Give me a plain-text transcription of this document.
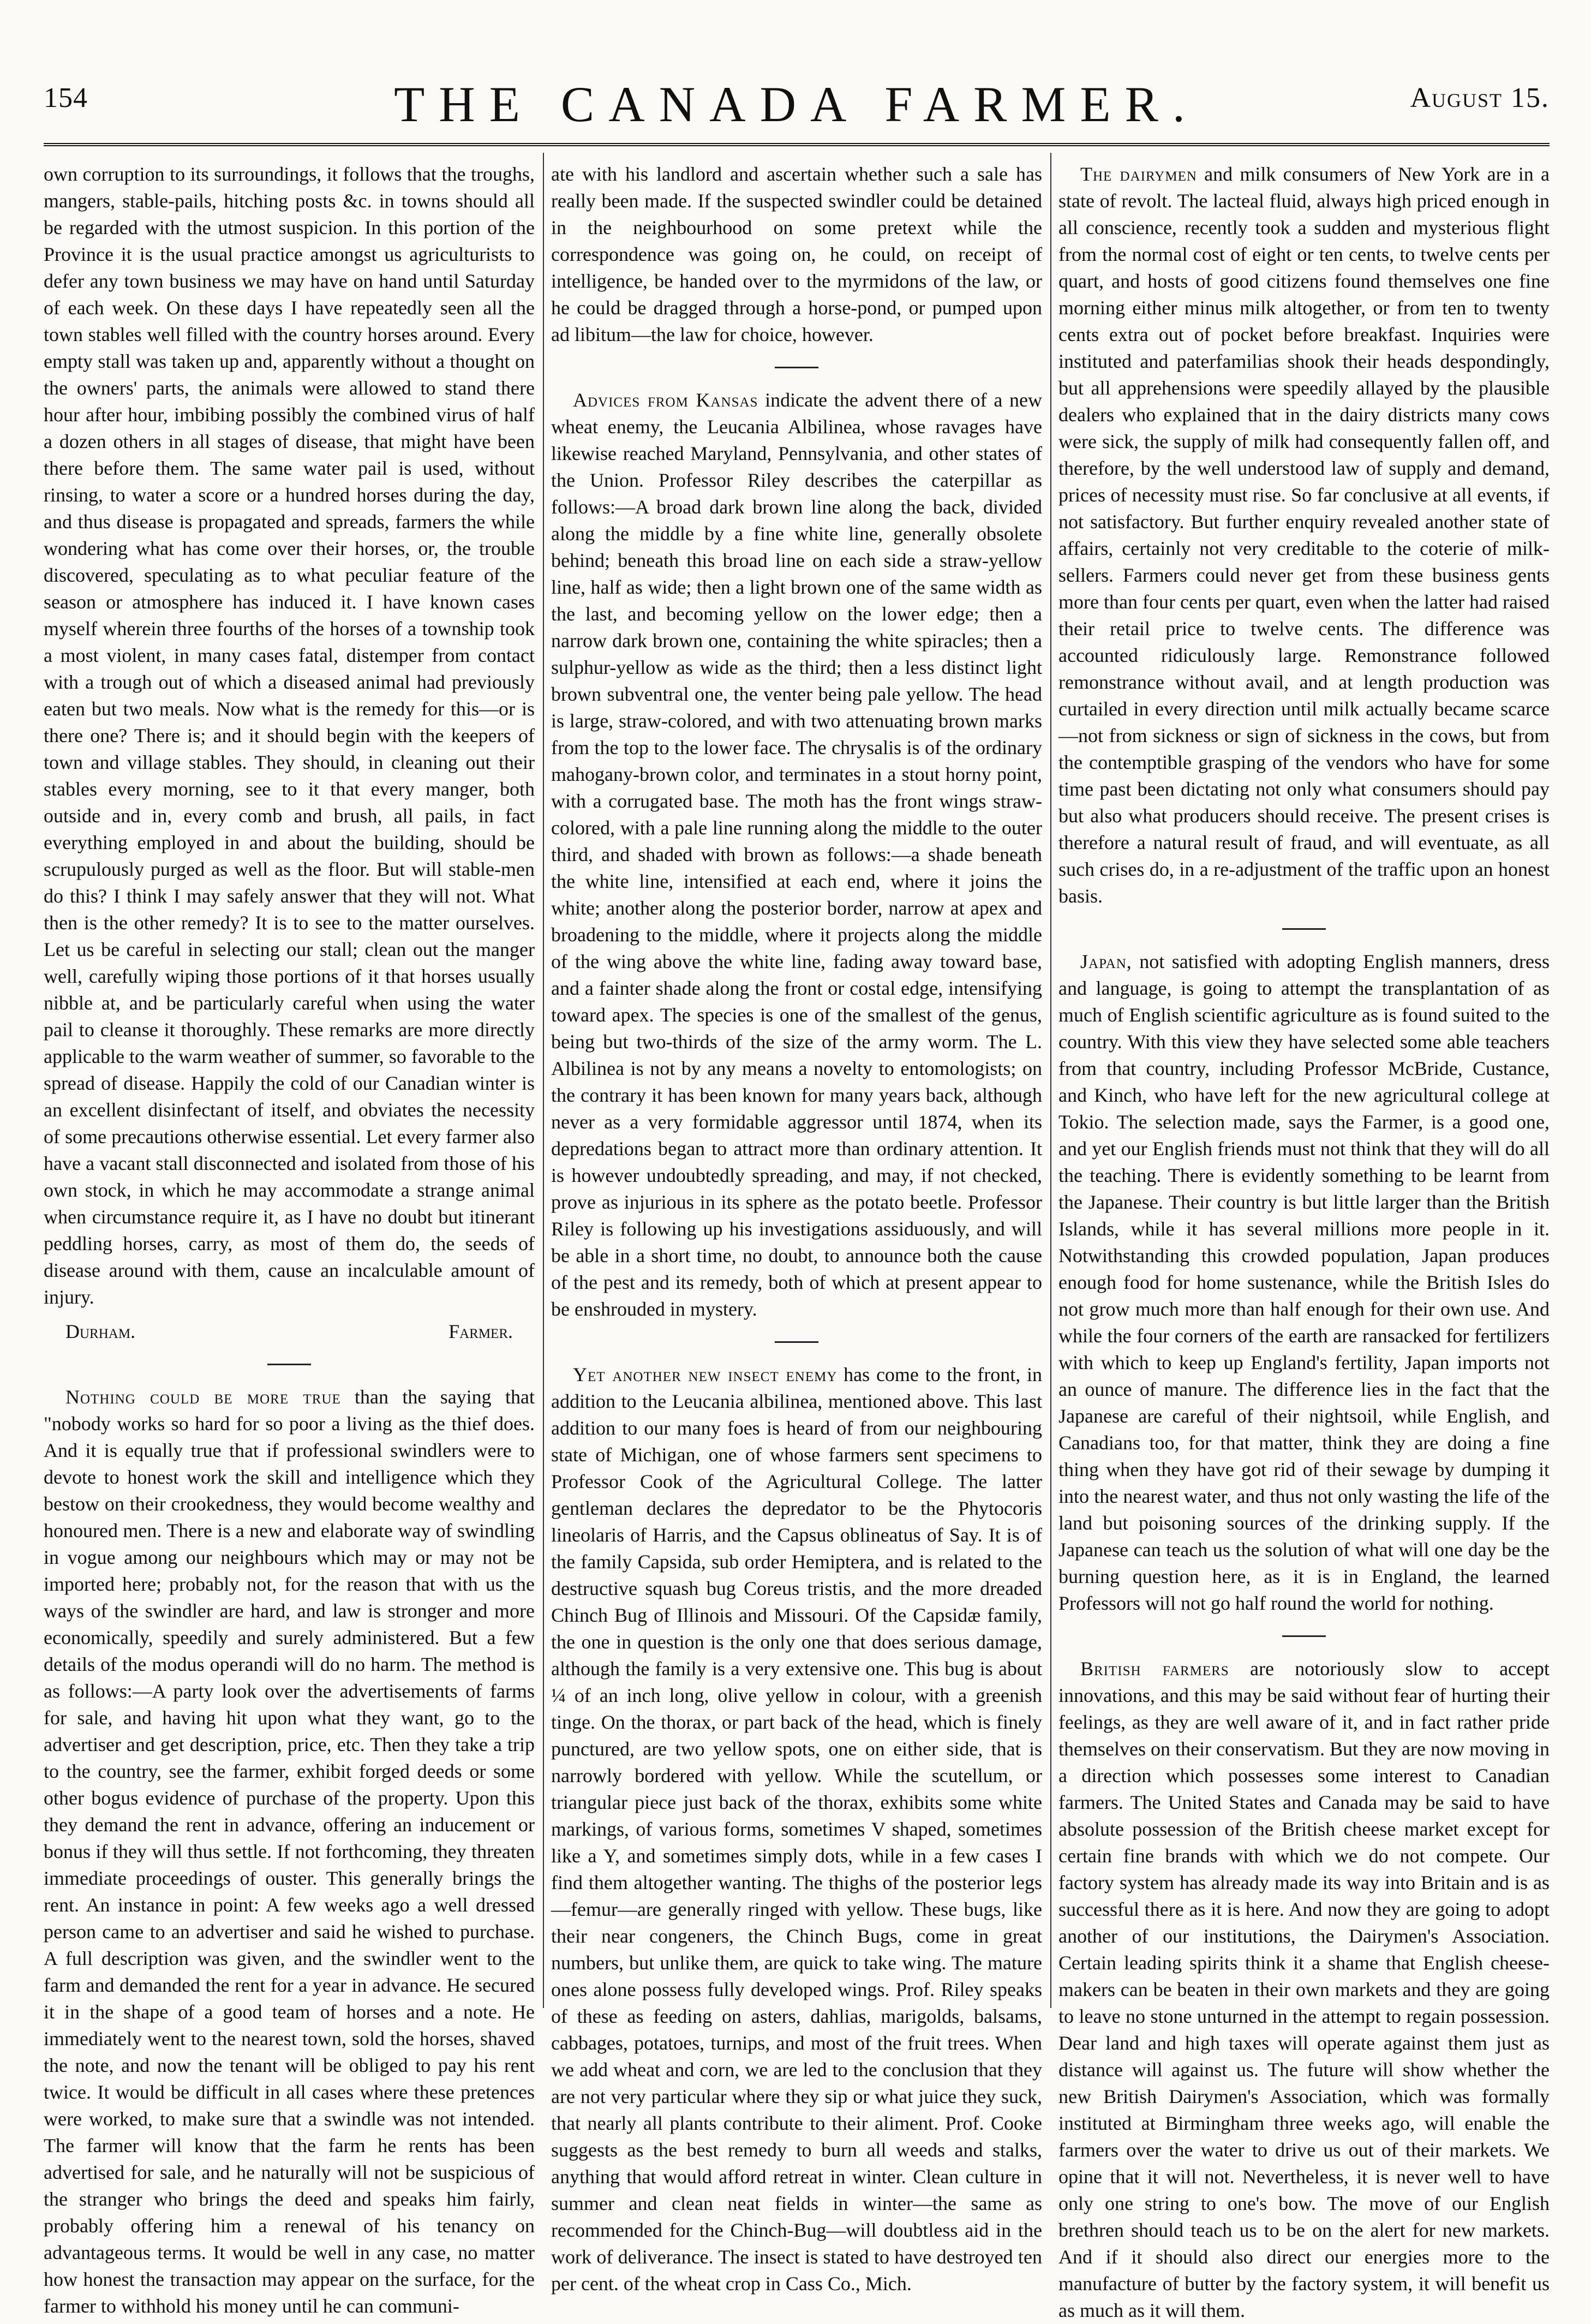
154	THE CANADA FARMER.	August 15.

own corruption to its surroundings, it follows that the troughs, mangers, stable-pails, hitching posts &c. in towns should all be regarded with the utmost suspicion. In this portion of the Province it is the usual practice amongst us agriculturists to defer any town business we may have on hand until Saturday of each week. On these days I have repeatedly seen all the town stables well filled with the country horses around. Every empty stall was taken up and, apparently without a thought on the owners' parts, the animals were allowed to stand there hour after hour, imbibing possibly the combined virus of half a dozen others in all stages of disease, that might have been there before them. The same water pail is used, without rinsing, to water a score or a hundred horses during the day, and thus disease is propagated and spreads, farmers the while wondering what has come over their horses, or, the trouble discovered, speculating as to what peculiar feature of the season or atmosphere has induced it. I have known cases myself wherein three fourths of the horses of a township took a most violent, in many cases fatal, distemper from contact with a trough out of which a diseased animal had previously eaten but two meals. Now what is the remedy for this—or is there one? There is; and it should begin with the keepers of town and village stables. They should, in cleaning out their stables every morning, see to it that every manger, both outside and in, every comb and brush, all pails, in fact everything employed in and about the building, should be scrupulously purged as well as the floor. But will stable-men do this? I think I may safely answer that they will not. What then is the other remedy? It is to see to the matter ourselves. Let us be careful in selecting our stall; clean out the manger well, carefully wiping those portions of it that horses usually nibble at, and be particularly careful when using the water pail to cleanse it thoroughly. These remarks are more directly applicable to the warm weather of summer, so favorable to the spread of disease. Happily the cold of our Canadian winter is an excellent disinfectant of itself, and obviates the necessity of some precautions otherwise essential. Let every farmer also have a vacant stall disconnected and isolated from those of his own stock, in which he may accommodate a strange animal when circumstance require it, as I have no doubt but itinerant peddling horses, carry, as most of them do, the seeds of disease around with them, cause an incalculable amount of injury.

Durham.	Farmer.

Nothing could be more true than the saying that "nobody works so hard for so poor a living as the thief does. And it is equally true that if professional swindlers were to devote to honest work the skill and intelligence which they bestow on their crookedness, they would become wealthy and honoured men. There is a new and elaborate way of swindling in vogue among our neighbours which may or may not be imported here; probably not, for the reason that with us the ways of the swindler are hard, and law is stronger and more economically, speedily and surely administered. But a few details of the modus operandi will do no harm. The method is as follows:—A party look over the advertisements of farms for sale, and having hit upon what they want, go to the advertiser and get description, price, etc. Then they take a trip to the country, see the farmer, exhibit forged deeds or some other bogus evidence of purchase of the property. Upon this they demand the rent in advance, offering an inducement or bonus if they will thus settle. If not forthcoming, they threaten immediate proceedings of ouster. This generally brings the rent. An instance in point: A few weeks ago a well dressed person came to an advertiser and said he wished to purchase. A full description was given, and the swindler went to the farm and demanded the rent for a year in advance. He secured it in the shape of a good team of horses and a note. He immediately went to the nearest town, sold the horses, shaved the note, and now the tenant will be obliged to pay his rent twice. It would be difficult in all cases where these pretences were worked, to make sure that a swindle was not intended. The farmer will know that the farm he rents has been advertised for sale, and he naturally will not be suspicious of the stranger who brings the deed and speaks him fairly, probably offering him a renewal of his tenancy on advantageous terms. It would be well in any case, no matter how honest the transaction may appear on the surface, for the farmer to withhold his money until he can communi-

ate with his landlord and ascertain whether such a sale has really been made. If the suspected swindler could be detained in the neighbourhood on some pretext while the correspondence was going on, he could, on receipt of intelligence, be handed over to the myrmidons of the law, or he could be dragged through a horse-pond, or pumped upon ad libitum—the law for choice, however.

Advices from Kansas indicate the advent there of a new wheat enemy, the Leucania Albilinea, whose ravages have likewise reached Maryland, Pennsylvania, and other states of the Union. Professor Riley describes the caterpillar as follows:—A broad dark brown line along the back, divided along the middle by a fine white line, generally obsolete behind; beneath this broad line on each side a straw-yellow line, half as wide; then a light brown one of the same width as the last, and becoming yellow on the lower edge; then a narrow dark brown one, containing the white spiracles; then a sulphur-yellow as wide as the third; then a less distinct light brown subventral one, the venter being pale yellow. The head is large, straw-colored, and with two attenuating brown marks from the top to the lower face. The chrysalis is of the ordinary mahogany-brown color, and terminates in a stout horny point, with a corrugated base. The moth has the front wings straw-colored, with a pale line running along the middle to the outer third, and shaded with brown as follows:—a shade beneath the white line, intensified at each end, where it joins the white; another along the posterior border, narrow at apex and broadening to the middle, where it projects along the middle of the wing above the white line, fading away toward base, and a fainter shade along the front or costal edge, intensifying toward apex. The species is one of the smallest of the genus, being but two-thirds of the size of the army worm. The L. Albilinea is not by any means a novelty to entomologists; on the contrary it has been known for many years back, although never as a very formidable aggressor until 1874, when its depredations began to attract more than ordinary attention. It is however undoubtedly spreading, and may, if not checked, prove as injurious in its sphere as the potato beetle. Professor Riley is following up his investigations assiduously, and will be able in a short time, no doubt, to announce both the cause of the pest and its remedy, both of which at present appear to be enshrouded in mystery.

Yet another new insect enemy has come to the front, in addition to the Leucania albilinea, mentioned above. This last addition to our many foes is heard of from our neighbouring state of Michigan, one of whose farmers sent specimens to Professor Cook of the Agricultural College. The latter gentleman declares the depredator to be the Phytocoris lineolaris of Harris, and the Capsus oblineatus of Say. It is of the family Capsida, sub order Hemiptera, and is related to the destructive squash bug Coreus tristis, and the more dreaded Chinch Bug of Illinois and Missouri. Of the Capsidæ family, the one in question is the only one that does serious damage, although the family is a very extensive one. This bug is about ¼ of an inch long, olive yellow in colour, with a greenish tinge. On the thorax, or part back of the head, which is finely punctured, are two yellow spots, one on either side, that is narrowly bordered with yellow. While the scutellum, or triangular piece just back of the thorax, exhibits some white markings, of various forms, sometimes V shaped, sometimes like a Y, and sometimes simply dots, while in a few cases I find them altogether wanting. The thighs of the posterior legs—femur—are generally ringed with yellow. These bugs, like their near congeners, the Chinch Bugs, come in great numbers, but unlike them, are quick to take wing. The mature ones alone possess fully developed wings. Prof. Riley speaks of these as feeding on asters, dahlias, marigolds, balsams, cabbages, potatoes, turnips, and most of the fruit trees. When we add wheat and corn, we are led to the conclusion that they are not very particular where they sip or what juice they suck, that nearly all plants contribute to their aliment. Prof. Cooke suggests as the best remedy to burn all weeds and stalks, anything that would afford retreat in winter. Clean culture in summer and clean neat fields in winter—the same as recommended for the Chinch-Bug—will doubtless aid in the work of deliverance. The insect is stated to have destroyed ten per cent. of the wheat crop in Cass Co., Mich.

The dairymen and milk consumers of New York are in a state of revolt. The lacteal fluid, always high priced enough in all conscience, recently took a sudden and mysterious flight from the normal cost of eight or ten cents, to twelve cents per quart, and hosts of good citizens found themselves one fine morning either minus milk altogether, or from ten to twenty cents extra out of pocket before breakfast. Inquiries were instituted and paterfamilias shook their heads despondingly, but all apprehensions were speedily allayed by the plausible dealers who explained that in the dairy districts many cows were sick, the supply of milk had consequently fallen off, and therefore, by the well understood law of supply and demand, prices of necessity must rise. So far conclusive at all events, if not satisfactory. But further enquiry revealed another state of affairs, certainly not very creditable to the coterie of milk-sellers. Farmers could never get from these business gents more than four cents per quart, even when the latter had raised their retail price to twelve cents. The difference was accounted ridiculously large. Remonstrance followed remonstrance without avail, and at length production was curtailed in every direction until milk actually became scarce—not from sickness or sign of sickness in the cows, but from the contemptible grasping of the vendors who have for some time past been dictating not only what consumers should pay but also what producers should receive. The present crises is therefore a natural result of fraud, and will eventuate, as all such crises do, in a re-adjustment of the traffic upon an honest basis.

Japan, not satisfied with adopting English manners, dress and language, is going to attempt the transplantation of as much of English scientific agriculture as is found suited to the country. With this view they have selected some able teachers from that country, including Professor McBride, Custance, and Kinch, who have left for the new agricultural college at Tokio. The selection made, says the Farmer, is a good one, and yet our English friends must not think that they will do all the teaching. There is evidently something to be learnt from the Japanese. Their country is but little larger than the British Islands, while it has several millions more people in it. Notwithstanding this crowded population, Japan produces enough food for home sustenance, while the British Isles do not grow much more than half enough for their own use. And while the four corners of the earth are ransacked for fertilizers with which to keep up England's fertility, Japan imports not an ounce of manure. The difference lies in the fact that the Japanese are careful of their nightsoil, while English, and Canadians too, for that matter, think they are doing a fine thing when they have got rid of their sewage by dumping it into the nearest water, and thus not only wasting the life of the land but poisoning sources of the drinking supply. If the Japanese can teach us the solution of what will one day be the burning question here, as it is in England, the learned Professors will not go half round the world for nothing.

British farmers are notoriously slow to accept innovations, and this may be said without fear of hurting their feelings, as they are well aware of it, and in fact rather pride themselves on their conservatism. But they are now moving in a direction which possesses some interest to Canadian farmers. The United States and Canada may be said to have absolute possession of the British cheese market except for certain fine brands with which we do not compete. Our factory system has already made its way into Britain and is as successful there as it is here. And now they are going to adopt another of our institutions, the Dairymen's Association. Certain leading spirits think it a shame that English cheese-makers can be beaten in their own markets and they are going to leave no stone unturned in the attempt to regain possession. Dear land and high taxes will operate against them just as distance will against us. The future will show whether the new British Dairymen's Association, which was formally instituted at Birmingham three weeks ago, will enable the farmers over the water to drive us out of their markets. We opine that it will not. Nevertheless, it is never well to have only one string to one's bow. The move of our English brethren should teach us to be on the alert for new markets. And if it should also direct our energies more to the manufacture of butter by the factory system, it will benefit us as much as it will them.
